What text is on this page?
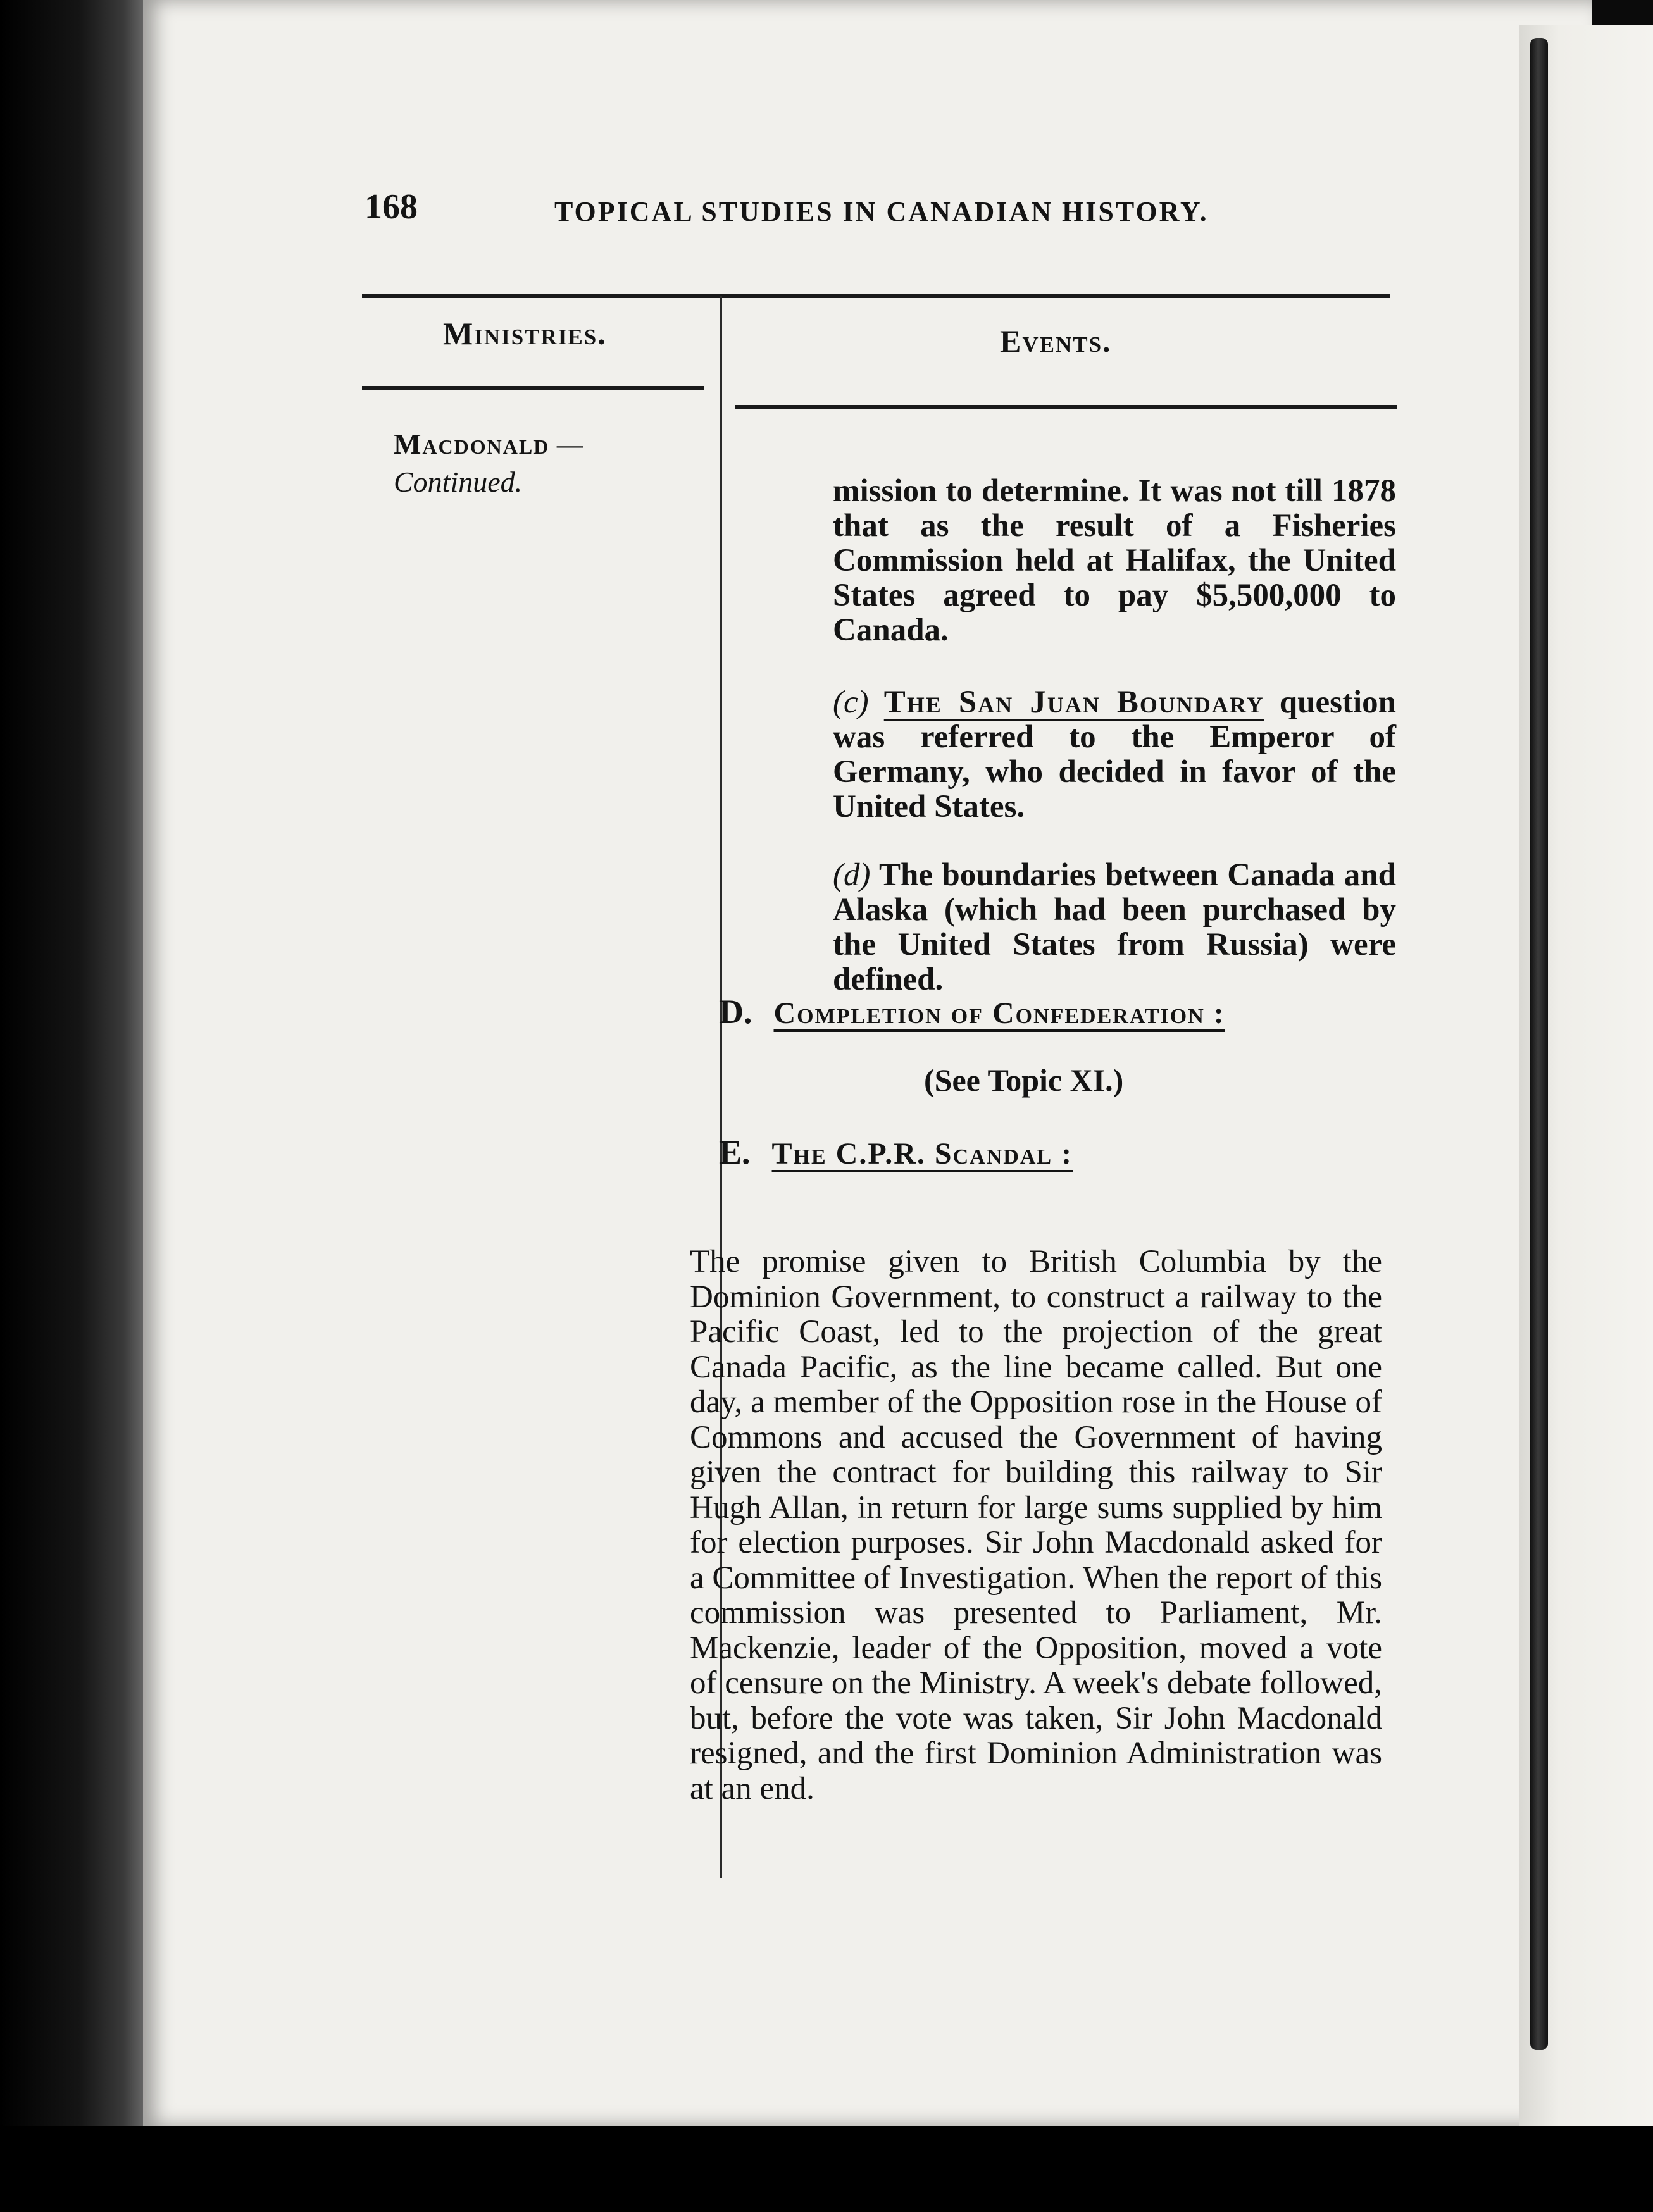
168	TOPICAL STUDIES IN CANADIAN HISTORY.
Ministries.	Events.
Macdonald —Continued.	mission to determine. It was not till 1878 that as the result of a Fisheries Commission held at Halifax, the United States agreed to pay $5,500,000 to Canada.

(c) The San Juan Boundary question was referred to the Emperor of Germany, who decided in favor of the United States.

(d) The boundaries between Canada and Alaska (which had been purchased by the United States from Russia) were defined.

D. Completion of Confederation :
(See Topic XI.)
E. The C.P.R. Scandal :

The promise given to British Columbia by the Dominion Government, to construct a railway to the Pacific Coast, led to the projection of the great Canada Pacific, as the line became called. But one day, a member of the Opposition rose in the House of Commons and accused the Government of having given the contract for building this railway to Sir Hugh Allan, in return for large sums supplied by him for election purposes. Sir John Macdonald asked for a Committee of Investigation. When the report of this commission was presented to Parliament, Mr. Mackenzie, leader of the Opposition, moved a vote of censure on the Ministry. A week's debate followed, but, before the vote was taken, Sir John Macdonald resigned, and the first Dominion Administration was at an end.
